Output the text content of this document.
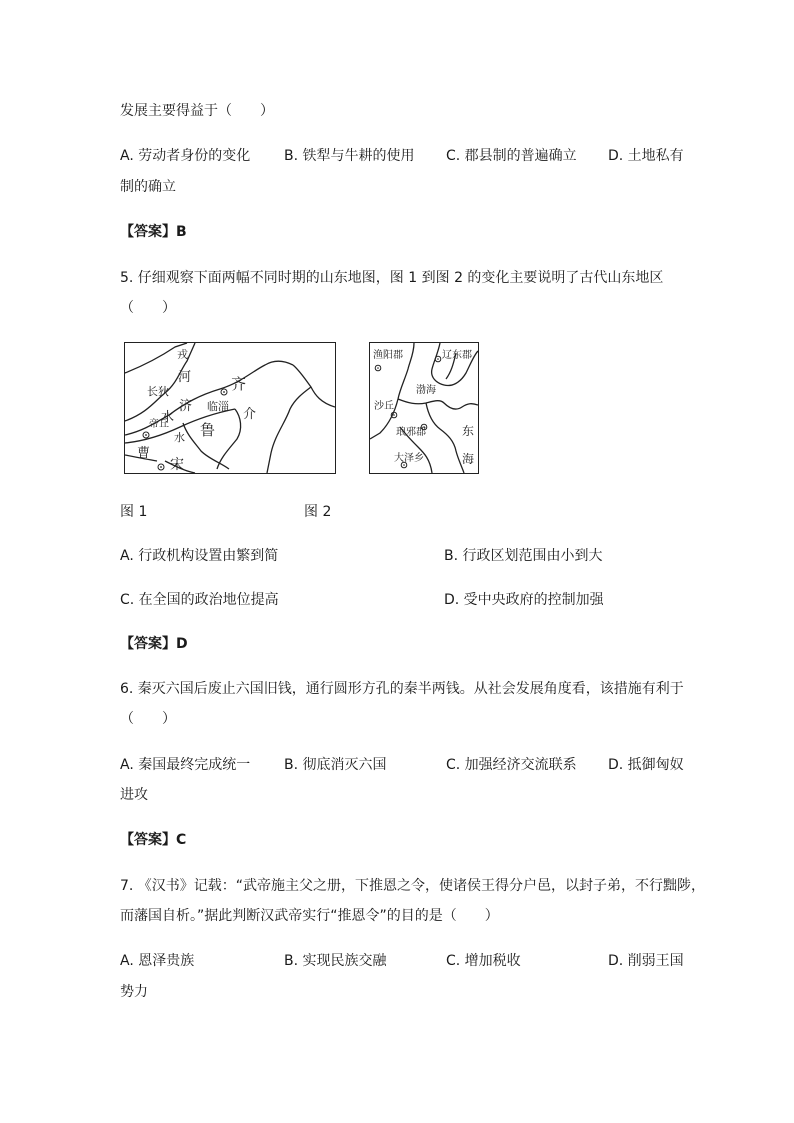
发展主要得益于（　　）
A. 劳动者身份的变化 B. 铁犁与牛耕的使用 C. 郡县制的普遍确立 D. 土地私有
制的确立
【答案】B
5. 仔细观察下面两幅不同时期的山东地图，图 1 到图 2 的变化主要说明了古代山东地区
（　　）
戎
河
长狄
济 临淄
齐
介
水
帝丘 鲁
水
曹
宋
渔阳郡	辽东郡
渤海
沙丘
琅邪郡	东
海
大泽乡
图 1	图 2
A. 行政机构设置由繁到简	B. 行政区划范围由小到大
C. 在全国的政治地位提高	D. 受中央政府的控制加强
【答案】D
6. 秦灭六国后废止六国旧钱，通行圆形方孔的秦半两钱。从社会发展角度看，该措施有利于
（　　）
A. 秦国最终完成统一 B. 彻底消灭六国	C. 加强经济交流联系 D. 抵御匈奴
进攻
【答案】C
7. 《汉书》记载：“武帝施主父之册，下推恩之令，使诸侯王得分户邑，以封子弟，不行黜陟，
而藩国自析。”据此判断汉武帝实行“推恩令”的目的是（　　）
A. 恩泽贵族	B. 实现民族交融	C. 增加税收	D. 削弱王国
势力
